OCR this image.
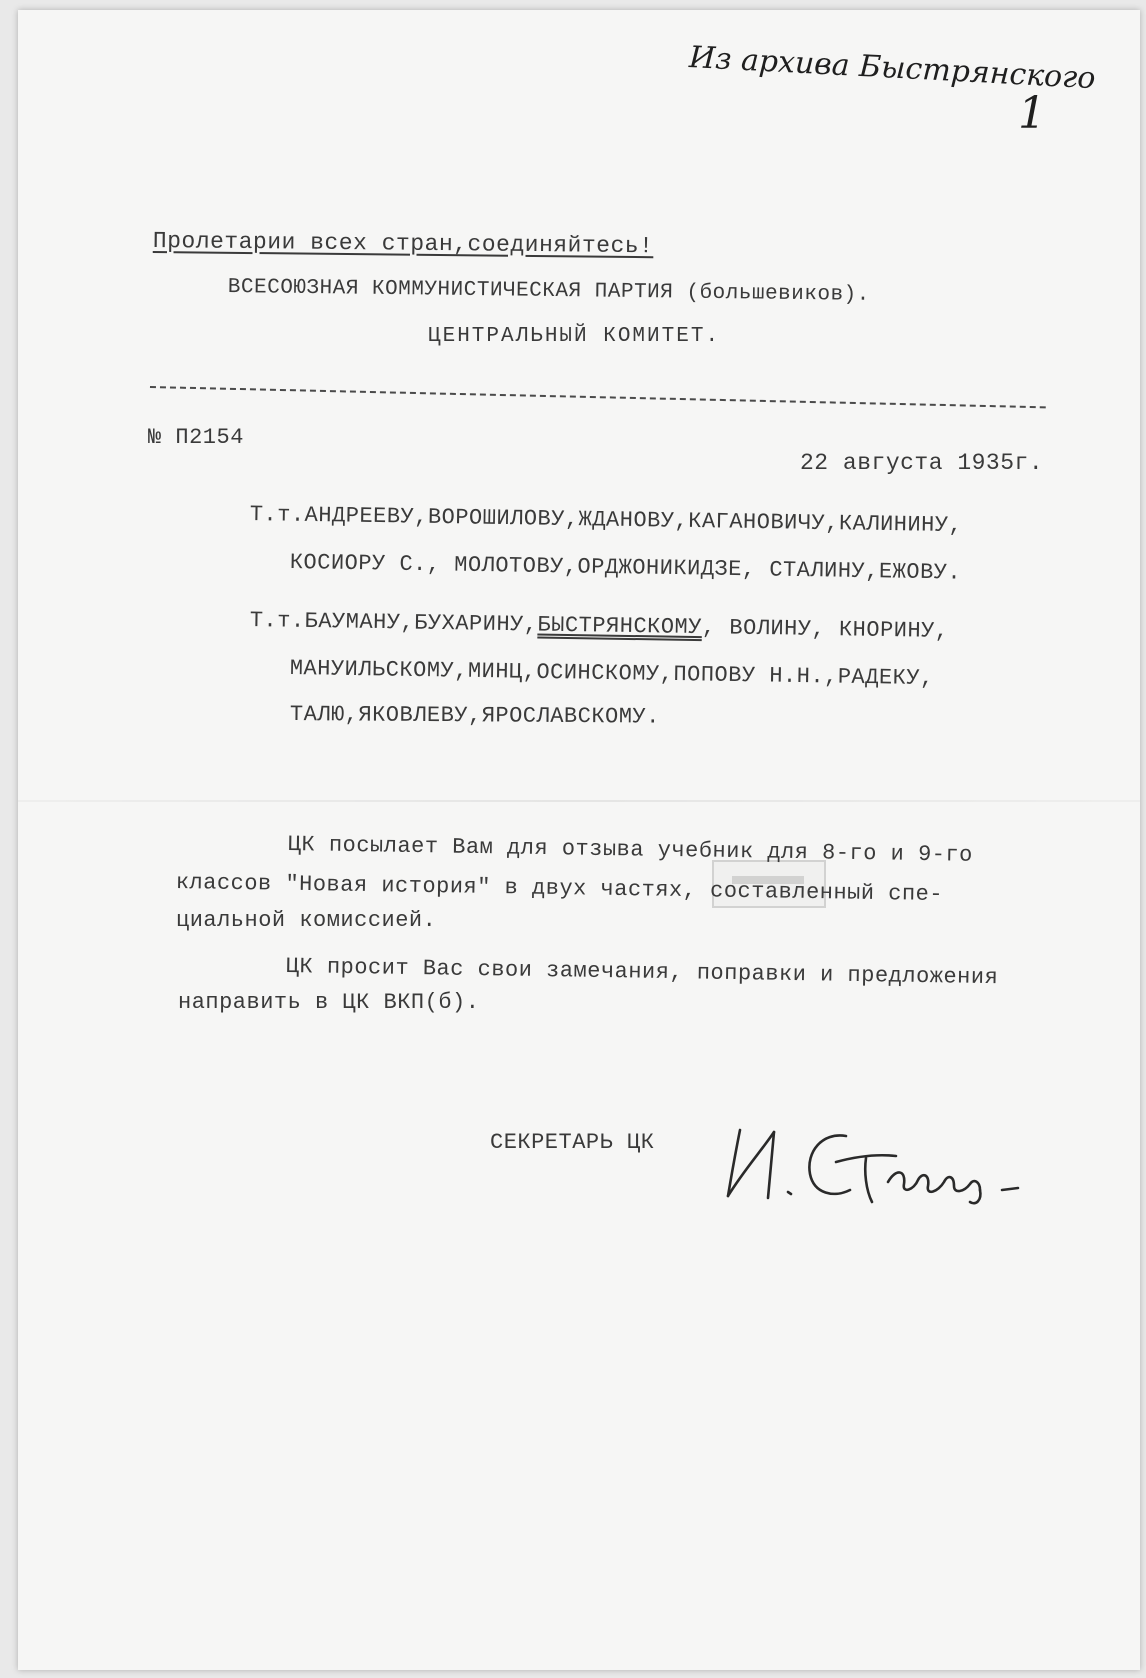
Из архива Быстрянского
1
Пролетарии всех стран,соединяйтесь!
ВСЕСОЮЗНАЯ КОММУНИСТИЧЕСКАЯ ПАРТИЯ (большевиков).
ЦЕНТРАЛЬНЫЙ КОМИТЕТ.
№ П2154
22 августа 1935г.
Т.т.АНДРЕЕВУ,ВОРОШИЛОВУ,ЖДАНОВУ,КАГАНОВИЧУ,КАЛИНИНУ,
КОСИОРУ С., МОЛОТОВУ,ОРДЖОНИКИДЗЕ, СТАЛИНУ,ЕЖОВУ.
Т.т.БАУМАНУ,БУХАРИНУ,БЫСТРЯНСКОМУ, ВОЛИНУ, КНОРИНУ,
МАНУИЛЬСКОМУ,МИНЦ,ОСИНСКОМУ,ПОПОВУ Н.Н.,РАДЕКУ,
ТАЛЮ,ЯКОВЛЕВУ,ЯРОСЛАВСКОМУ.
ЦК посылает Вам для отзыва учебник для 8-го и 9-го
классов "Новая история" в двух частях, составленный спе-
циальной комиссией.
ЦК просит Вас свои замечания, поправки и предложения
направить в ЦК ВКП(б).
СЕКРЕТАРЬ ЦК
